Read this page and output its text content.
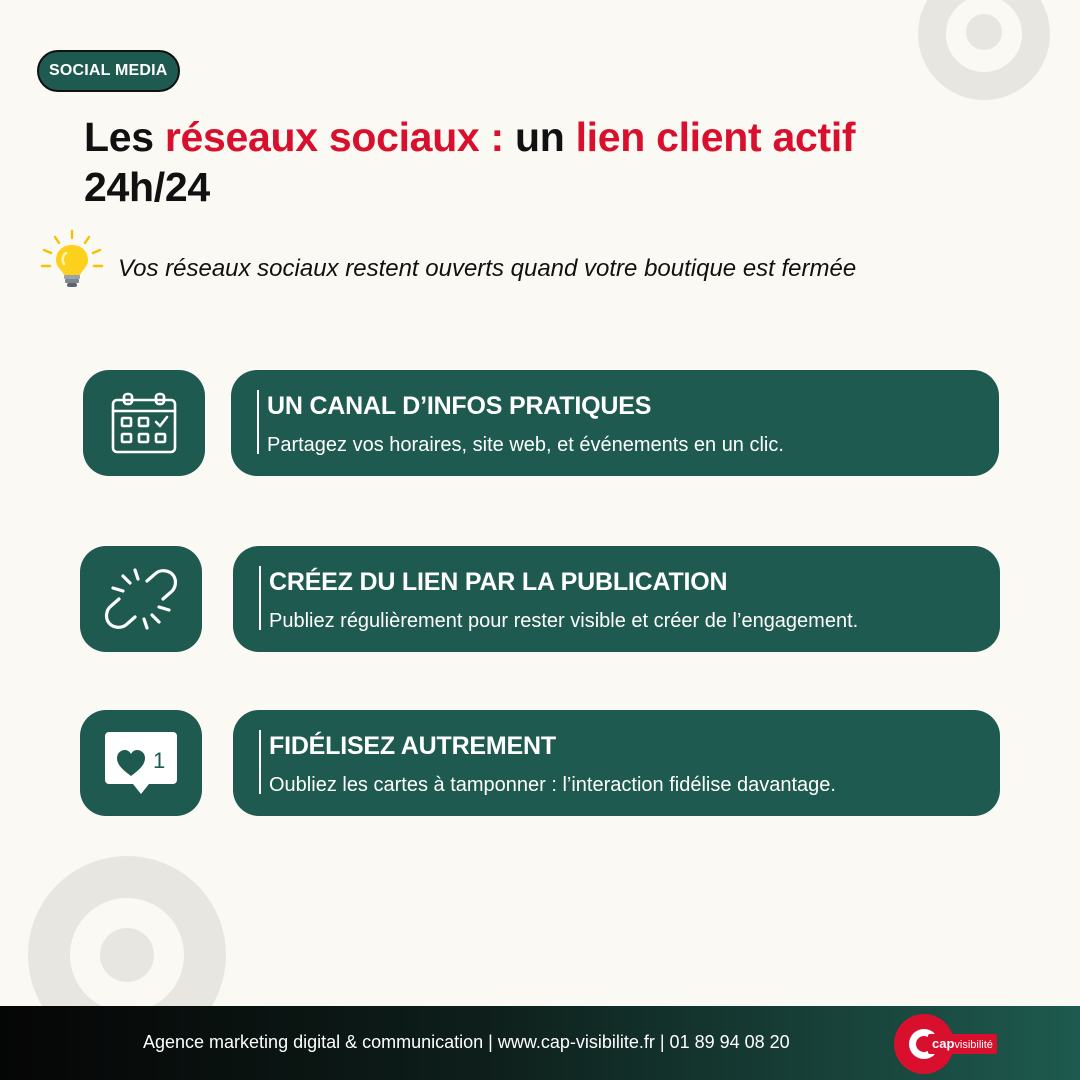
SOCIAL MEDIA
Les réseaux sociaux : un lien client actif
24h/24
Vos réseaux sociaux restent ouverts quand votre boutique est fermée
UN CANAL D’INFOS PRATIQUES
Partagez vos horaires, site web, et événements en un clic.
CRÉEZ DU LIEN PAR LA PUBLICATION
Publiez régulièrement pour rester visible et créer de l’engagement.
1
FIDÉLISEZ AUTREMENT
Oubliez les cartes à tamponner : l’interaction fidélise davantage.
Agence marketing digital & communication | www.cap-visibilite.fr | 01 89 94 08 20	capvisibilité
